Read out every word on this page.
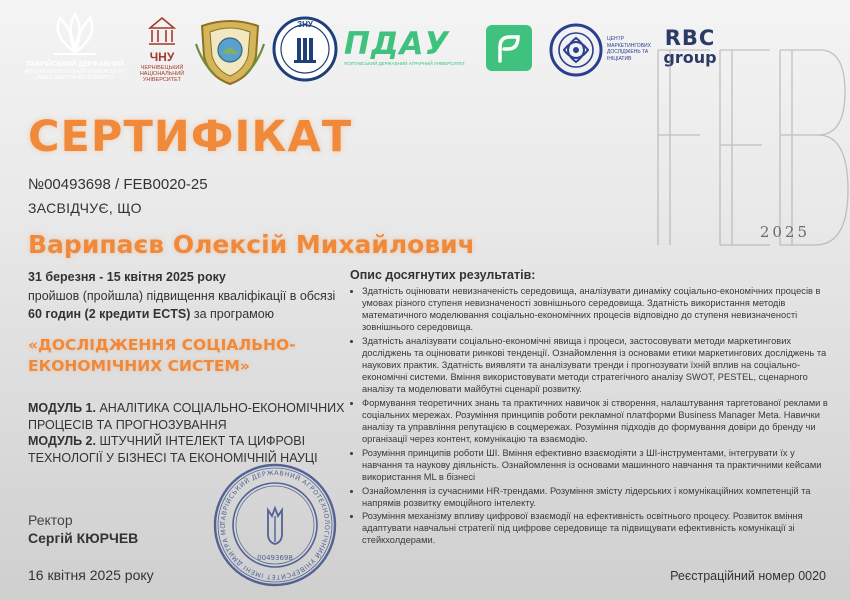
ТАВРІЙСЬКИЙ ДЕРЖАВНИЙ
АГРОТЕХНОЛОГІЧНИЙ УНІВЕРСИТЕТ
ІМЕНІ ДМИТРА МОТОРНОГО
ЧНУ
ЧЕРНІВЕЦЬКИЙ
НАЦІОНАЛЬНИЙ
УНІВЕРСИТЕТ
ЗНУ
ПДАУ
ПОЛТАВСЬКИЙ ДЕРЖАВНИЙ АГРАРНИЙ УНІВЕРСИТЕТ
ЦЕНТР
МАРКЕТИНГОВИХ
ДОСЛІДЖЕНЬ ТА
ІНІЦІАТИВ
RBC
group
2025
СЕРТИФІКАТ
№00493698 / FEB0020-25
ЗАСВІДЧУЄ, ЩО
Варипаєв Олексій Михайлович
31 березня - 15 квітня 2025 року
пройшов (пройшла) підвищення кваліфікації в обсязі
60 годин (2 кредити ECTS) за програмою
«ДОСЛІДЖЕННЯ СОЦІАЛЬНО-ЕКОНОМІЧНИХ СИСТЕМ»
МОДУЛЬ 1. АНАЛІТИКА СОЦІАЛЬНО-ЕКОНОМІЧНИХ ПРОЦЕСІВ ТА ПРОГНОЗУВАННЯ
МОДУЛЬ 2. ШТУЧНИЙ ІНТЕЛЕКТ ТА ЦИФРОВІ ТЕХНОЛОГІЇ У БІЗНЕСІ ТА ЕКОНОМІЧНІЙ НАУЦІ
ТАВРІЙСЬКИЙ ДЕРЖАВНИЙ АГРОТЕХНОЛОГІЧНИЙ УНІВЕРСИТЕТ ІМЕНІ ДМИТРА МО
00493698
Ректор
Сергій КЮРЧЕВ
16 квітня 2025 року	Реєстраційний номер 0020
Опис досягнутих результатів:
• Здатність оцінювати невизначеність середовища, аналізувати динаміку соціально-економічних процесів в умовах різного ступеня невизначеності зовнішнього середовища. Здатність використання методів математичного моделювання соціально-економічних процесів відповідно до ступеня невизначеності зовнішнього середовища.
• Здатність аналізувати соціально-економічні явища і процеси, застосовувати методи маркетингових досліджень та оцінювати ринкові тенденції. Ознайомлення із основами етики маркетингових досліджень та наукових практик. Здатність виявляти та аналізувати тренди і прогнозувати їхній вплив на соціально-економічні системи. Вміння використовувати методи стратегічного аналізу SWOT, PESTEL, сценарного аналізу та моделювати майбутні сценарії розвитку.
• Формування теоретичних знань та практичних навичок зі створення, налаштування таргетованої реклами в соціальних мережах. Розуміння принципів роботи рекламної платформи Business Manager Meta. Навички аналізу та управління репутацією в соцмережах. Розуміння підходів до формування довіри до бренду чи організації через контент, комунікацію та взаємодію.
• Розуміння принципів роботи ШІ. Вміння ефективно взаємодіяти з ШІ-інструментами, інтегрувати їх у навчання та наукову діяльність. Ознайомлення із основами машинного навчання та практичними кейсами використання ML в бізнесі
• Ознайомлення із сучасними HR-трендами. Розуміння змісту лідерських і комунікаційних компетенцій та напрямів розвитку емоційного інтелекту.
• Розуміння механізму впливу цифрової взаємодії на ефективність освітнього процесу. Розвиток вміння адаптувати навчальні стратегії під цифрове середовище та підвищувати ефективність комунікації зі стейкхолдерами.
